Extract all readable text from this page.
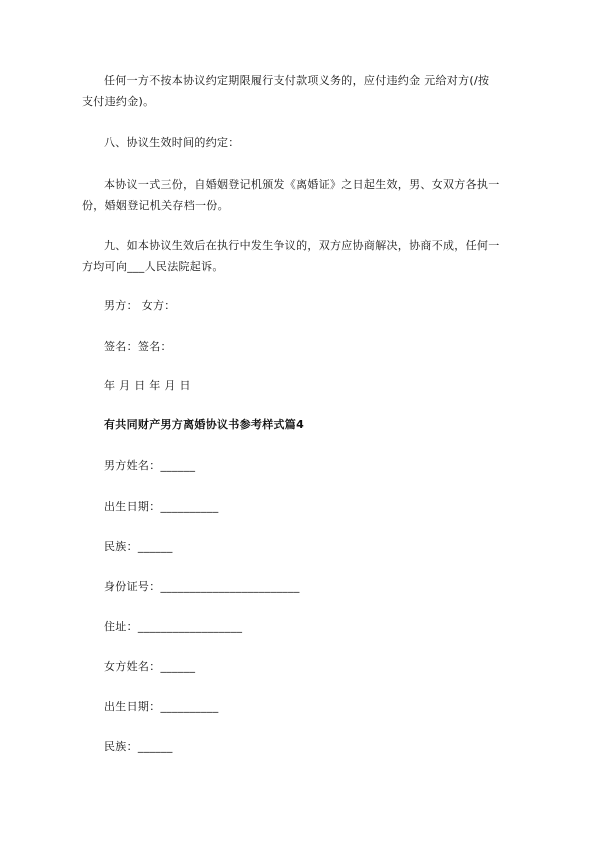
任何一方不按本协议约定期限履行支付款项义务的，应付违约金 元给对方(/按
支付违约金)。
八、协议生效时间的约定：
本协议一式三份，自婚姻登记机颁发《离婚证》之日起生效，男、女双方各执一
份，婚姻登记机关存档一份。
九、如本协议生效后在执行中发生争议的，双方应协商解决，协商不成，任何一
方均可向___人民法院起诉。
男方： 女方：
签名：签名：
年 月 日 年 月 日
有共同财产男方离婚协议书参考样式篇4
男方姓名：______
出生日期：__________
民族：______
身份证号：________________________
住址：__________________
女方姓名：______
出生日期：__________
民族：______
